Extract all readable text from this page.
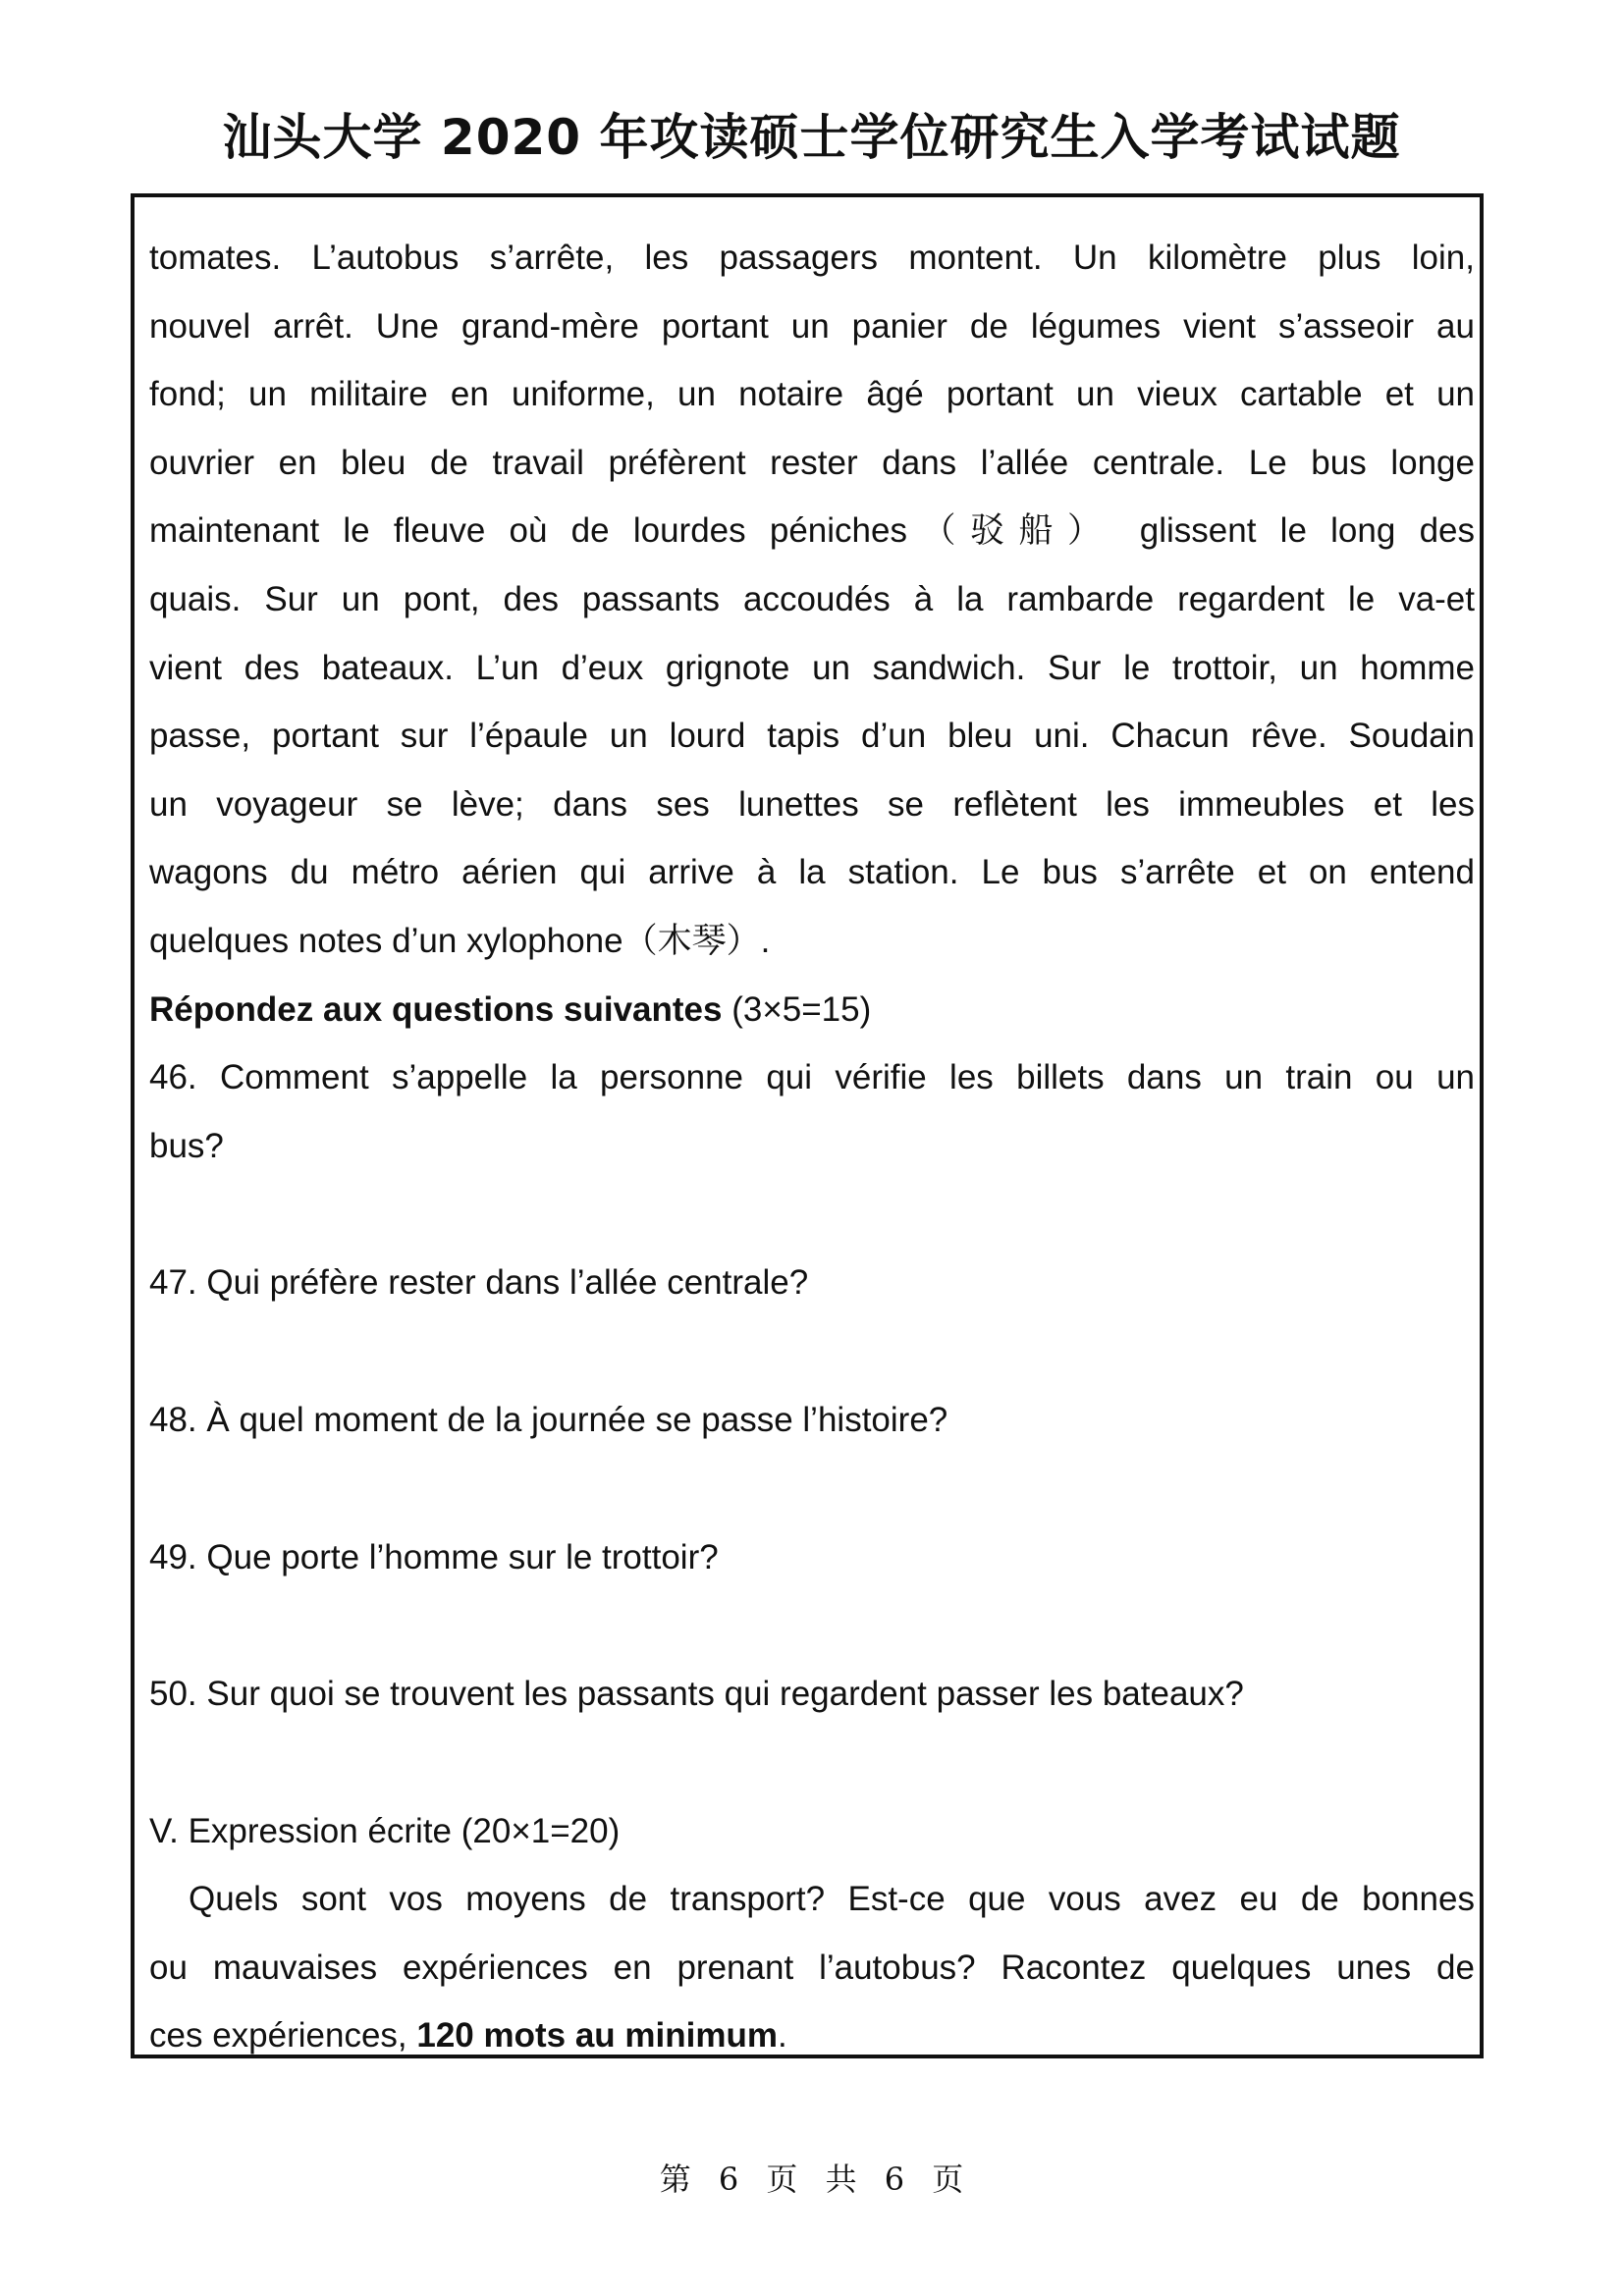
汕头大学 2020 年攻读硕士学位研究生入学考试试题
tomates. L’autobus s’arrête, les passagers montent. Un kilomètre plus loin,
nouvel arrêt. Une grand-mère portant un panier de légumes vient s’asseoir au
fond; un militaire en uniforme, un notaire âgé portant un vieux cartable et un
ouvrier en bleu de travail préfèrent rester dans l’allée centrale. Le bus longe
maintenant le fleuve où de lourdes péniches（驳船） glissent le long des
quais. Sur un pont, des passants accoudés à la rambarde regardent le va-et
vient des bateaux. L’un d’eux grignote un sandwich. Sur le trottoir, un homme
passe, portant sur l’épaule un lourd tapis d’un bleu uni. Chacun rêve. Soudain
un voyageur se lève; dans ses lunettes se reflètent les immeubles et les
wagons du métro aérien qui arrive à la station. Le bus s’arrête et on entend
quelques notes d’un xylophone（木琴）.
Répondez aux questions suivantes (3×5=15)
46. Comment s’appelle la personne qui vérifie les billets dans un train ou un
bus?
47. Qui préfère rester dans l’allée centrale?
48. À quel moment de la journée se passe l’histoire?
49. Que porte l’homme sur le trottoir?
50. Sur quoi se trouvent les passants qui regardent passer les bateaux?
V. Expression écrite (20×1=20)
Quels sont vos moyens de transport? Est-ce que vous avez eu de bonnes
ou mauvaises expériences en prenant l’autobus? Racontez quelques unes de
ces expériences, 120 mots au minimum.
第 6 页 共 6 页
